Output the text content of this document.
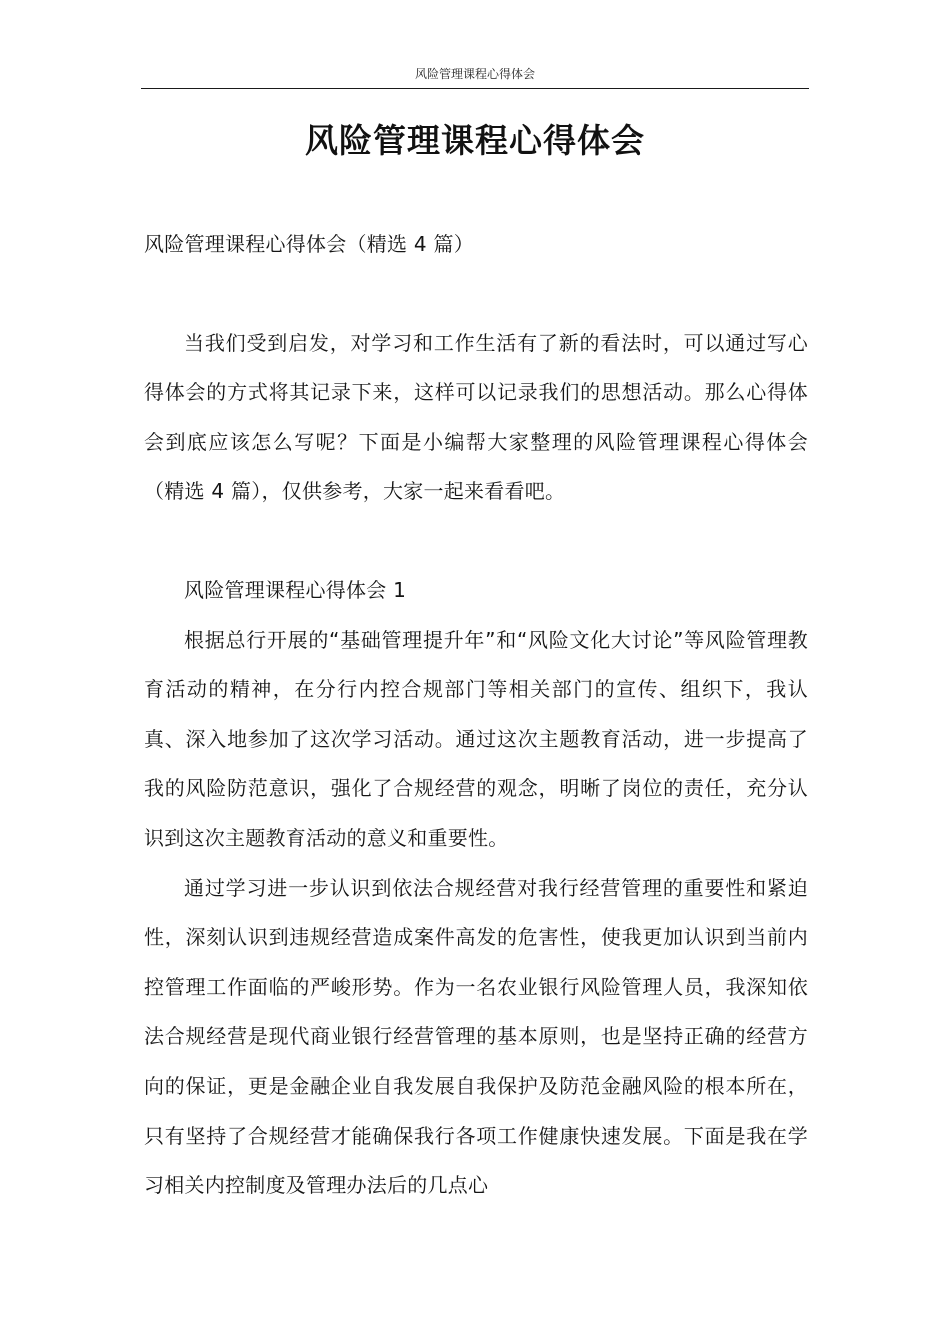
风险管理课程心得体会
风险管理课程心得体会

风险管理课程心得体会（精选 4 篇）

当我们受到启发，对学习和工作生活有了新的看法时，可以通过写心得体会的方式将其记录下来，这样可以记录我们的思想活动。那么心得体会到底应该怎么写呢？下面是小编帮大家整理的风险管理课程心得体会（精选 4 篇），仅供参考，大家一起来看看吧。

风险管理课程心得体会 1

根据总行开展的“基础管理提升年”和“风险文化大讨论”等风险管理教育活动的精神，在分行内控合规部门等相关部门的宣传、组织下，我认真、深入地参加了这次学习活动。通过这次主题教育活动，进一步提高了我的风险防范意识，强化了合规经营的观念，明晰了岗位的责任，充分认识到这次主题教育活动的意义和重要性。

通过学习进一步认识到依法合规经营对我行经营管理的重要性和紧迫性，深刻认识到违规经营造成案件高发的危害性，使我更加认识到当前内控管理工作面临的严峻形势。作为一名农业银行风险管理人员，我深知依法合规经营是现代商业银行经营管理的基本原则，也是坚持正确的经营方向的保证，更是金融企业自我发展自我保护及防范金融风险的根本所在，只有坚持了合规经营才能确保我行各项工作健康快速发展。下面是我在学习相关内控制度及管理办法后的几点心
